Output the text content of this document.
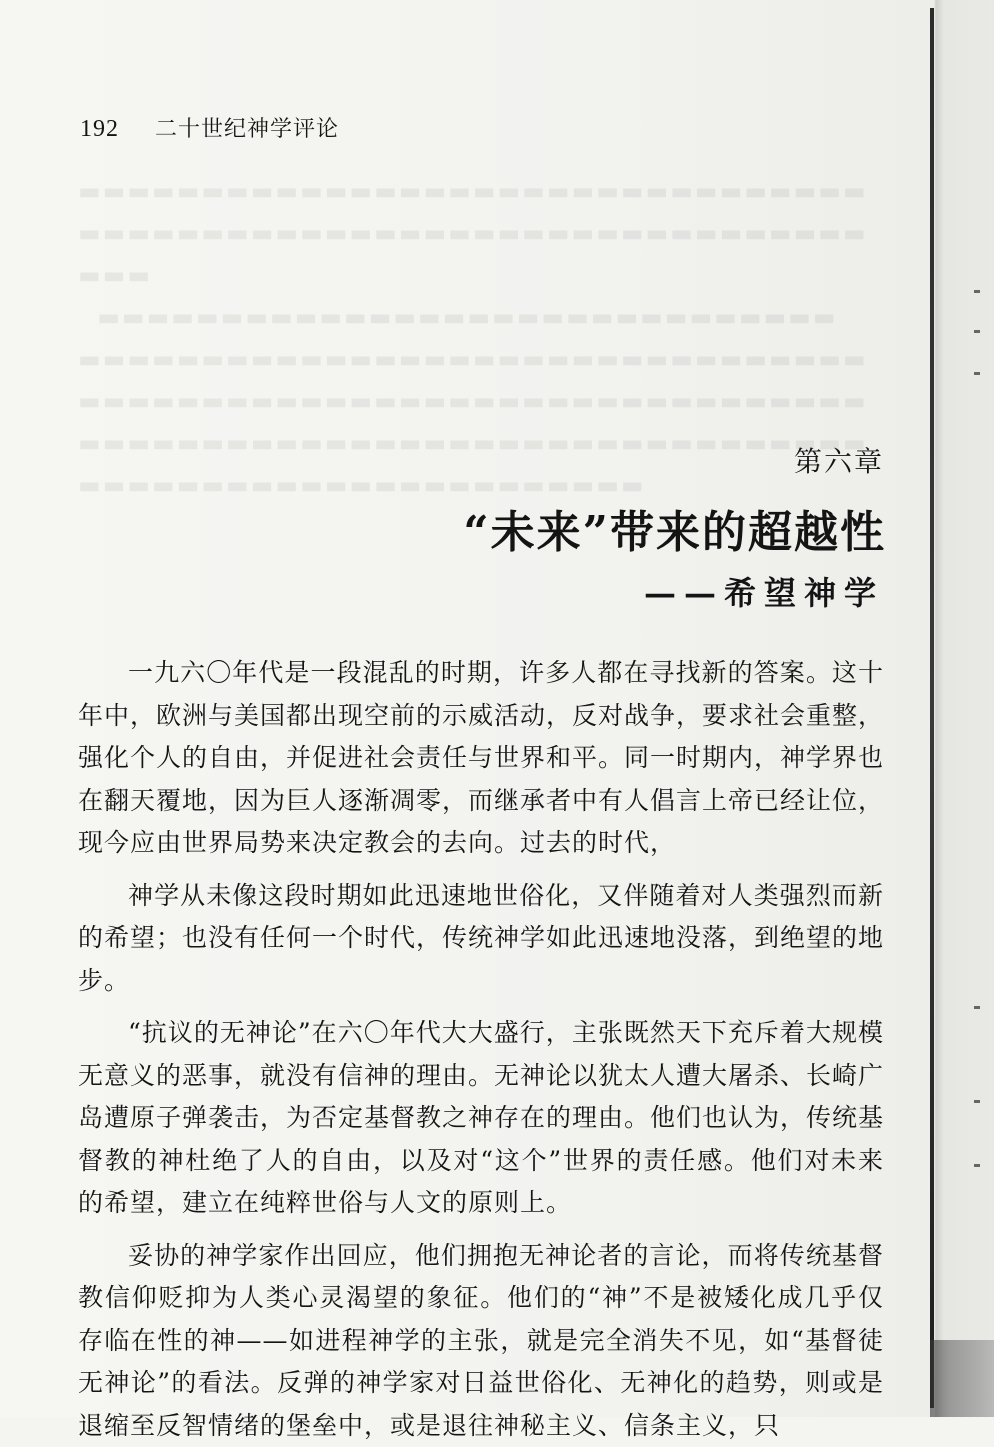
▬▬▬▬▬▬▬▬▬▬▬▬▬▬▬▬▬▬▬▬▬▬▬▬▬▬▬▬▬▬▬▬
▬▬▬▬▬▬▬▬▬▬▬▬▬▬▬▬▬▬▬▬▬▬▬▬▬▬▬▬▬▬▬▬
▬▬▬
▬▬▬▬▬▬▬▬▬▬▬▬▬▬▬▬▬▬▬▬▬▬▬▬▬▬▬▬▬▬
▬▬▬▬▬▬▬▬▬▬▬▬▬▬▬▬▬▬▬▬▬▬▬▬▬▬▬▬▬▬▬▬
▬▬▬▬▬▬▬▬▬▬▬▬▬▬▬▬▬▬▬▬▬▬▬▬▬▬▬▬▬▬▬▬
▬▬▬▬▬▬▬▬▬▬▬▬▬▬▬▬▬▬▬▬▬▬▬▬▬▬▬▬▬▬▬▬
▬▬▬▬▬▬▬▬▬▬▬▬▬▬▬▬▬▬▬▬▬▬▬
192 二十世纪神学评论
第六章
“未来”带来的超越性
——希望神学

一九六〇年代是一段混乱的时期，许多人都在寻找新的答案。这十年中，欧洲与美国都出现空前的示威活动，反对战争，要求社会重整，强化个人的自由，并促进社会责任与世界和平。同一时期内，神学界也在翻天覆地，因为巨人逐渐凋零，而继承者中有人倡言上帝已经让位，现今应由世界局势来决定教会的去向。过去的时代，

神学从未像这段时期如此迅速地世俗化，又伴随着对人类强烈而新的希望；也没有任何一个时代，传统神学如此迅速地没落，到绝望的地步。

“抗议的无神论”在六〇年代大大盛行，主张既然天下充斥着大规模无意义的恶事，就没有信神的理由。无神论以犹太人遭大屠杀、长崎广岛遭原子弹袭击，为否定基督教之神存在的理由。他们也认为，传统基督教的神杜绝了人的自由，以及对“这个”世界的责任感。他们对未来的希望，建立在纯粹世俗与人文的原则上。

妥协的神学家作出回应，他们拥抱无神论者的言论，而将传统基督教信仰贬抑为人类心灵渴望的象征。他们的“神”不是被矮化成几乎仅存临在性的神——如进程神学的主张，就是完全消失不见，如“基督徒无神论”的看法。反弹的神学家对日益世俗化、无神化的趋势，则或是退缩至反智情绪的堡垒中，或是退往神秘主义、信条主义，只
